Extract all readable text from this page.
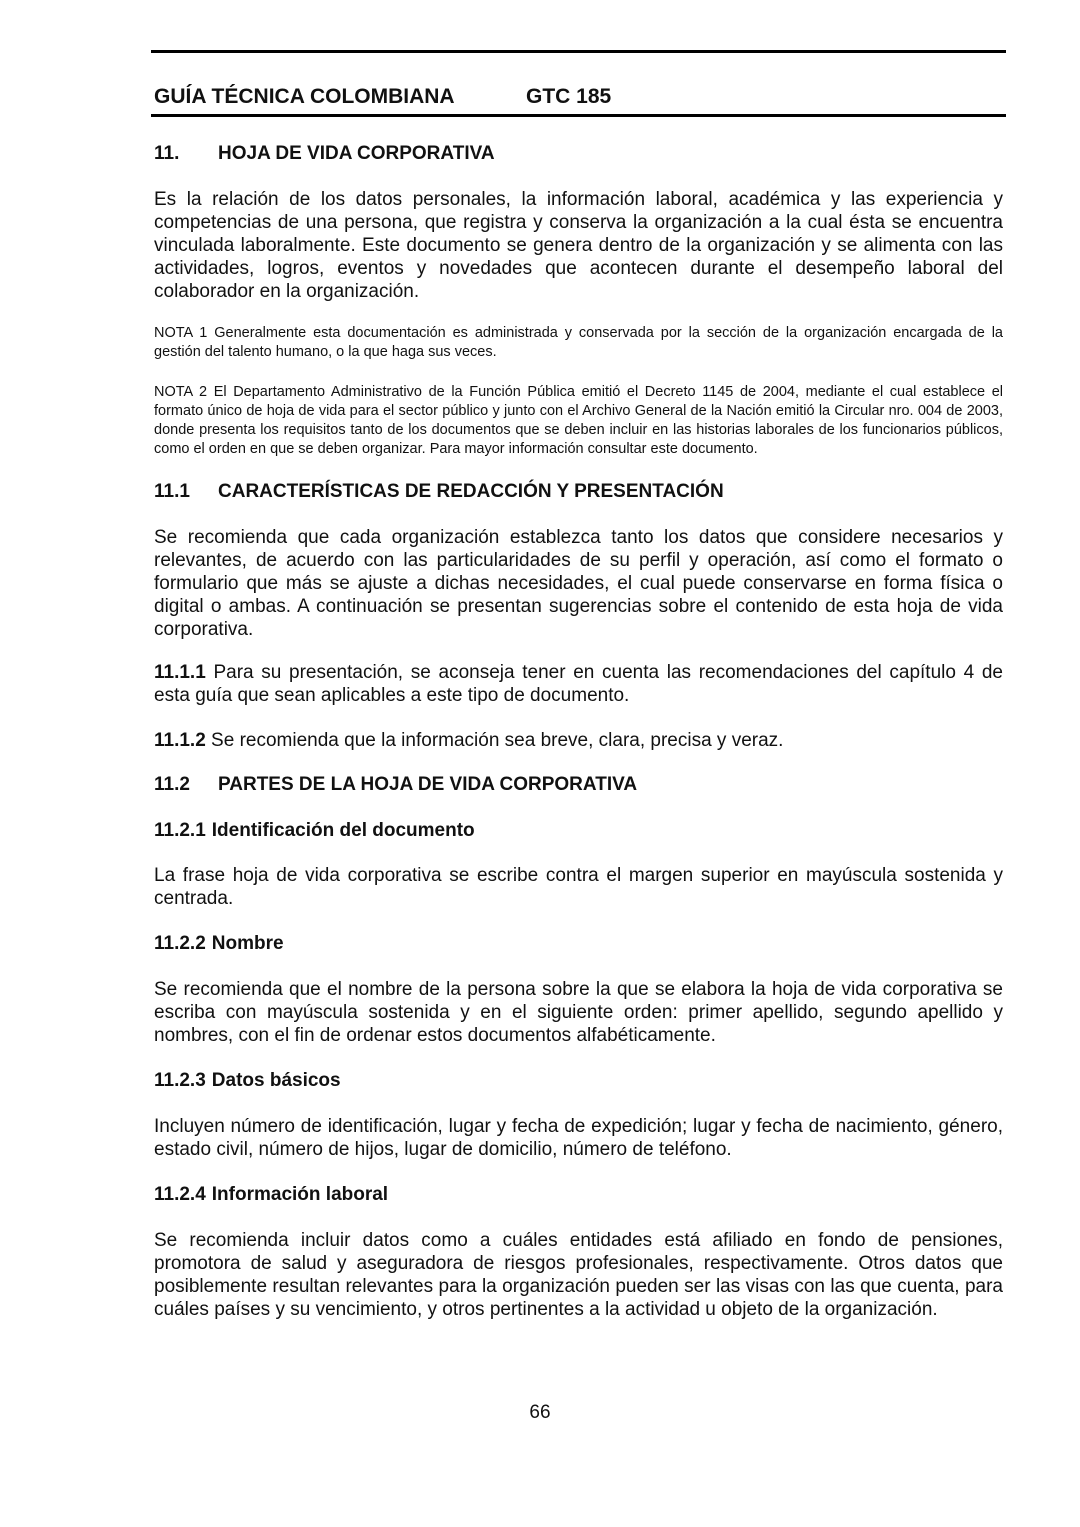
GUÍA TÉCNICA COLOMBIANA	GTC 185
11.	HOJA DE VIDA CORPORATIVA

Es la relación de los datos personales, la información laboral, académica y las experiencia y competencias de una persona, que registra y conserva la organización a la cual ésta se encuentra vinculada laboralmente. Este documento se genera dentro de la organización y se alimenta con las actividades, logros, eventos y novedades que acontecen durante el desempeño laboral del colaborador en la organización.

NOTA 1 Generalmente esta documentación es administrada y conservada por la sección de la organización encargada de la gestión del talento humano, o la que haga sus veces.

NOTA 2 El Departamento Administrativo de la Función Pública emitió el Decreto 1145 de 2004, mediante el cual establece el formato único de hoja de vida para el sector público y junto con el Archivo General de la Nación emitió la Circular nro. 004 de 2003, donde presenta los requisitos tanto de los documentos que se deben incluir en las historias laborales de los funcionarios públicos, como el orden en que se deben organizar. Para mayor información consultar este documento.

11.1	CARACTERÍSTICAS DE REDACCIÓN Y PRESENTACIÓN

Se recomienda que cada organización establezca tanto los datos que considere necesarios y relevantes, de acuerdo con las particularidades de su perfil y operación, así como el formato o formulario que más se ajuste a dichas necesidades, el cual puede conservarse en forma física o digital o ambas. A continuación se presentan sugerencias sobre el contenido de esta hoja de vida corporativa.

11.1.1 Para su presentación, se aconseja tener en cuenta las recomendaciones del capítulo 4 de esta guía que sean aplicables a este tipo de documento.

11.1.2 Se recomienda que la información sea breve, clara, precisa y veraz.

11.2	PARTES DE LA HOJA DE VIDA CORPORATIVA

11.2.1 Identificación del documento

La frase hoja de vida corporativa se escribe contra el margen superior en mayúscula sostenida y centrada.

11.2.2 Nombre

Se recomienda que el nombre de la persona sobre la que se elabora la hoja de vida corporativa se escriba con mayúscula sostenida y en el siguiente orden: primer apellido, segundo apellido y nombres, con el fin de ordenar estos documentos alfabéticamente.

11.2.3 Datos básicos

Incluyen número de identificación, lugar y fecha de expedición; lugar y fecha de nacimiento, género, estado civil, número de hijos, lugar de domicilio, número de teléfono.

11.2.4 Información laboral

Se recomienda incluir datos como a cuáles entidades está afiliado en fondo de pensiones, promotora de salud y aseguradora de riesgos profesionales, respectivamente. Otros datos que posiblemente resultan relevantes para la organización pueden ser las visas con las que cuenta, para cuáles países y su vencimiento, y otros pertinentes a la actividad u objeto de la organización.

66
